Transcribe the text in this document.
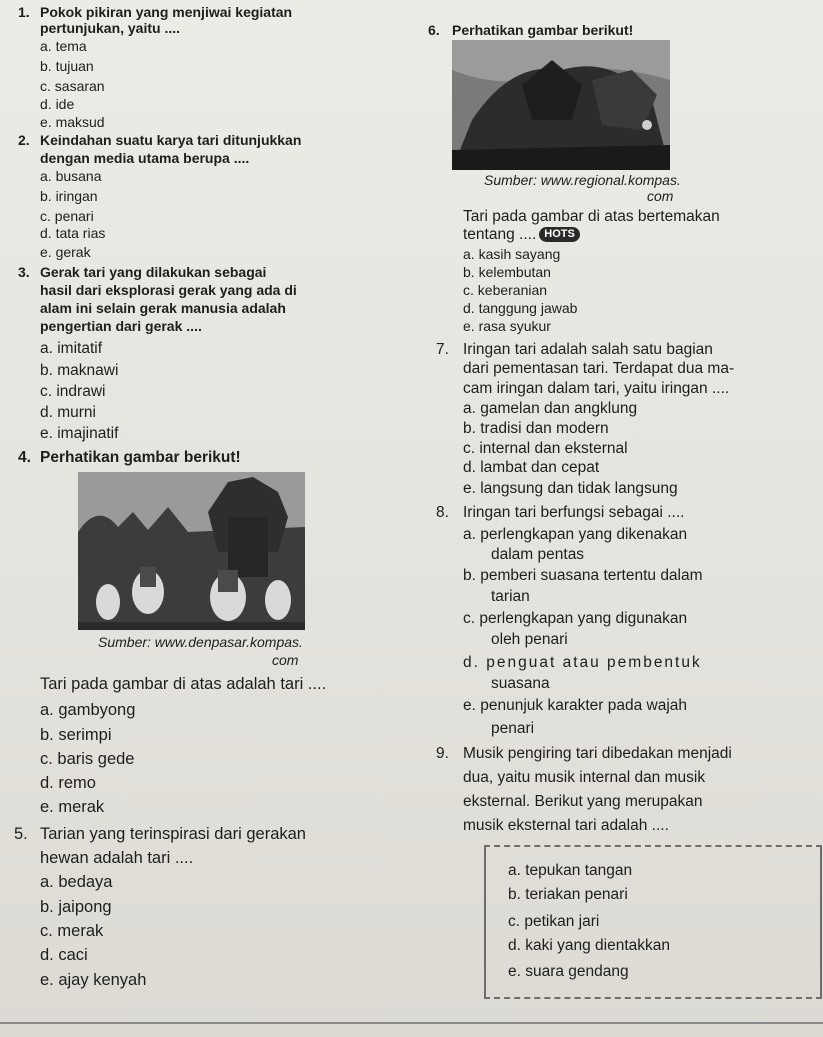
1. Pokok pikiran yang menjiwai kegiatan
pertunjukan, yaitu ....
a. tema
b. tujuan
c. sasaran
d. ide
e. maksud
2. Keindahan suatu karya tari ditunjukkan
dengan media utama berupa ....
a. busana
b. iringan
c. penari
d. tata rias
e. gerak
3. Gerak tari yang dilakukan sebagai
hasil dari eksplorasi gerak yang ada di
alam ini selain gerak manusia adalah
pengertian dari gerak ....
a. imitatif
b. maknawi
c. indrawi
d. murni
e. imajinatif
4. Perhatikan gambar berikut!
Sumber: www.denpasar.kompas.
com
Tari pada gambar di atas adalah tari ....
a. gambyong
b. serimpi
c. baris gede
d. remo
e. merak
5. Tarian yang terinspirasi dari gerakan
hewan adalah tari ....
a. bedaya
b. jaipong
c. merak
d. caci
e. ajay kenyah
6. Perhatikan gambar berikut!
Sumber: www.regional.kompas.
com
Tari pada gambar di atas bertemakan
tentang .... HOTS
a. kasih sayang
b. kelembutan
c. keberanian
d. tanggung jawab
e. rasa syukur
7. Iringan tari adalah salah satu bagian
dari pementasan tari. Terdapat dua ma-
cam iringan dalam tari, yaitu iringan ....
a. gamelan dan angklung
b. tradisi dan modern
c. internal dan eksternal
d. lambat dan cepat
e. langsung dan tidak langsung
8. Iringan tari berfungsi sebagai ....
a. perlengkapan yang dikenakan
dalam pentas
b. pemberi suasana tertentu dalam
tarian
c. perlengkapan yang digunakan
oleh penari
d. penguat atau pembentuk
suasana
e. penunjuk karakter pada wajah
penari
9. Musik pengiring tari dibedakan menjadi
dua, yaitu musik internal dan musik
eksternal. Berikut yang merupakan
musik eksternal tari adalah ....
a. tepukan tangan
b. teriakan penari
c. petikan jari
d. kaki yang dientakkan
e. suara gendang
